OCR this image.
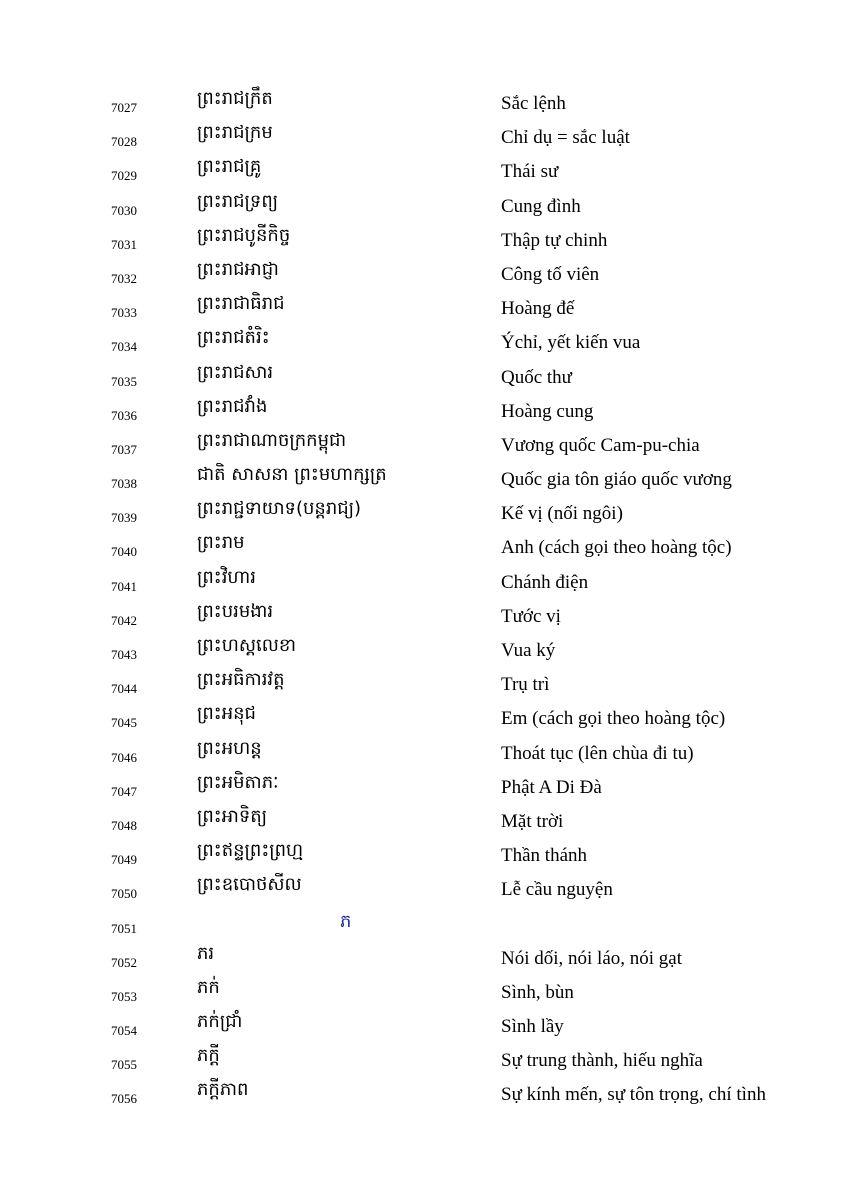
7027	ព្រះរាជក្រឹត	Sắc lệnh
7028	ព្រះរាជក្រម	Chỉ dụ = sắc luật
7029	ព្រះរាជគ្រូ	Thái sư
7030	ព្រះរាជទ្រព្យ	Cung đình
7031	ព្រះរាជបូនីកិច្ច	Thập tự chinh
7032	ព្រះរាជអាជ្ញា	Công tố viên
7033	ព្រះរាជាធិរាជ	Hoàng đế
7034	ព្រះរាជតំរិះ	Ýchỉ, yết kiến vua
7035	ព្រះរាជសារ	Quốc thư
7036	ព្រះរាជវាំង	Hoàng cung
7037	ព្រះរាជាណាចក្រកម្ពុជា	Vương quốc Cam-pu-chia
7038	ជាតិ សាសនា ព្រះមហាក្សត្រ	Quốc gia tôn giáo quốc vương
7039	ព្រះរាជ្ជទាយាទ(បន្តរាជ្យ)	Kế vị (nối ngôi)
7040	ព្រះរាម	Anh (cách gọi theo hoàng tộc)
7041	ព្រះវិហារ	Chánh điện
7042	ព្រះបរមងារ	Tước vị
7043	ព្រះហស្តលេខា	Vua ký
7044	ព្រះអធិការវត្ត	Trụ trì
7045	ព្រះអនុជ	Em (cách gọi theo hoàng tộc)
7046	ព្រះអហន្ត	Thoát tục (lên chùa đi tu)
7047	ព្រះអមិតាភៈ	Phật A Di Đà
7048	ព្រះអាទិត្យ	Mặt trời
7049	ព្រះឥន្ទព្រះព្រហ្ម	Thần thánh
7050	ព្រះឧបោថសីល	Lễ cầu nguyện
7051	ភ
7052	ភរ	Nói dối, nói láo, nói gạt
7053	ភក់	Sình, bùn
7054	ភក់ជ្រាំ	Sình lầy
7055	ភក្តី	Sự trung thành, hiếu nghĩa
7056	ភក្តីភាព	Sự kính mến, sự tôn trọng, chí tình
